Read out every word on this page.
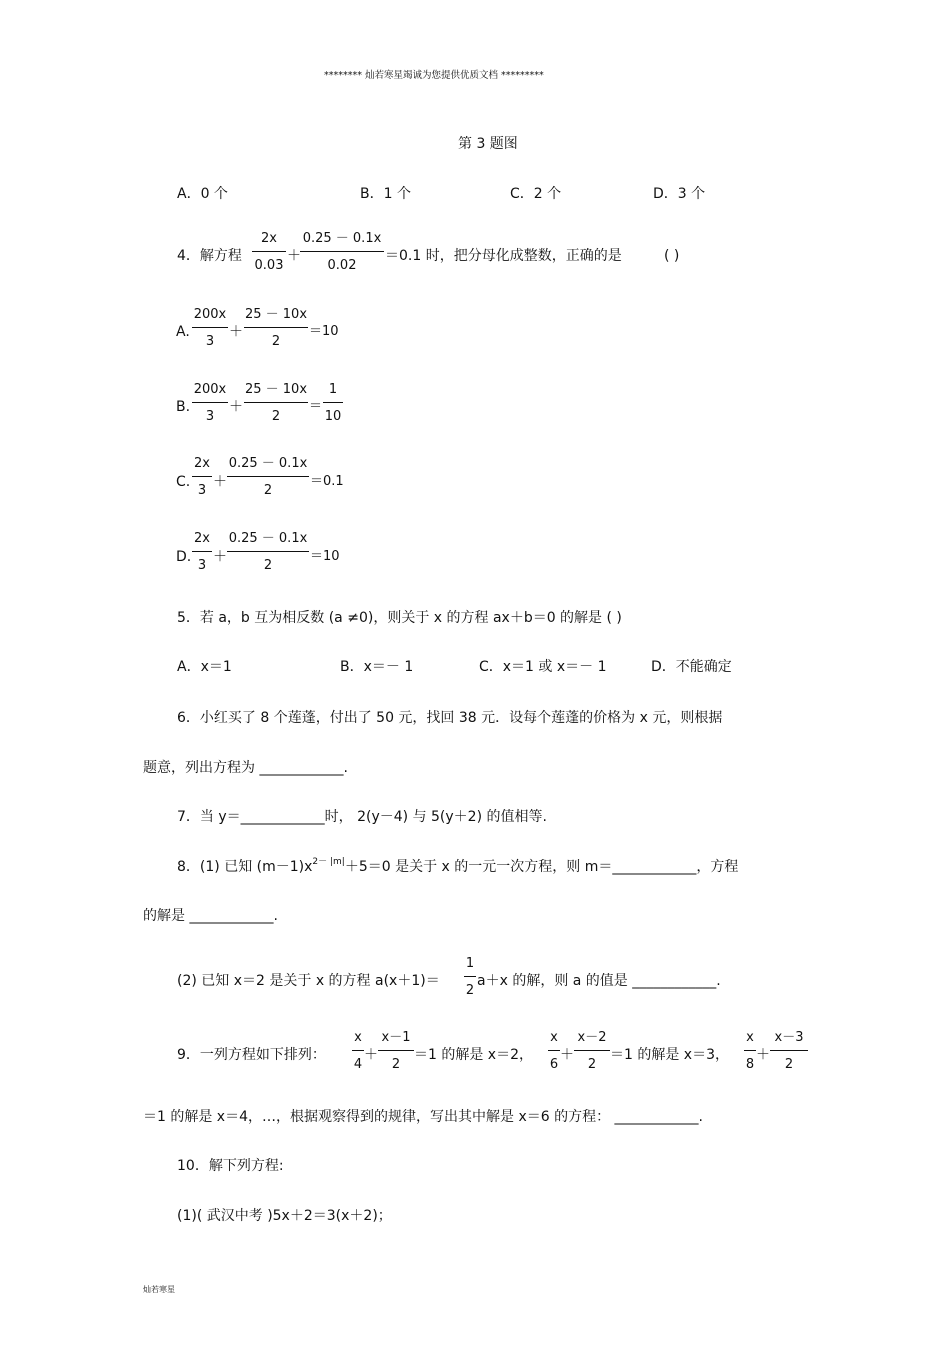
******** 灿若寒星竭诚为您提供优质文档 *********
第 3 题图
A．0 个	B．1 个	C．2 个	D．3 个
4．解方程
2x
0.03
＋
0.25 － 0.1x
0.02
＝0.1 时，把分母化成整数，正确的是	( )
A.
200x
3
＋
25 － 10x
2
＝10
B.
200x
3
＋
25 － 10x
2
＝
1
10
C.
2x
3
＋
0.25 － 0.1x
2
＝0.1
D.
2x
3
＋
0.25 － 0.1x
2
＝10
5．若 a，b 互为相反数 (a ≠0)，则关于 x 的方程 ax＋b＝0 的解是 ( )
A．x＝1	B．x＝－ 1	C．x＝1 或 x＝－ 1	D．不能确定
6．小红买了 8 个莲蓬，付出了 50 元，找回 38 元．设每个莲蓬的价格为 x 元，则根据
题意，列出方程为 ____________.
7．当 y＝____________时， 2(y－4) 与 5(y＋2) 的值相等.
8．(1) 已知 $(m-1)x^{2- |m|}+5=0$ 是关于 x 的一元一次方程，则 m＝____________，方程
的解是 ____________.
(2) 已知 x＝2 是关于 x 的方程 a(x＋1)＝
1
2
a＋x 的解，则 a 的值是 ____________.
9．一列方程如下排列：
x
4
＋
x－1
2
＝1 的解是 x＝2，
x
6
＋
x－2
2
＝1 的解是 x＝3，
x
8
＋
x－3
2
＝1 的解是 x＝4，…，根据观察得到的规律，写出其中解是 x＝6 的方程： ____________.
10．解下列方程:
(1)( 武汉中考 )5x＋2＝3(x＋2)；
灿若寒星
